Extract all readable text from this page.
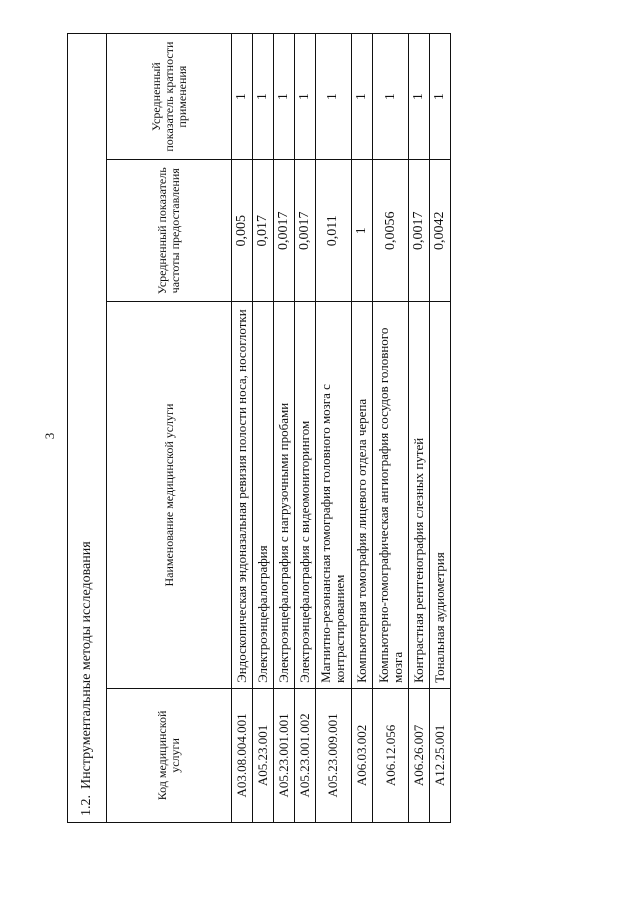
3
1.2.Инструментальные методы исследования			
Код медицинской услуги	Наименование медицинской услуги	Усредненный показатель частоты предоставления	Усредненный показатель кратности применения
A03.08.004.001	Эндоскопическая эндоназальная ревизия полости носа, носоглотки	0,005	1
A05.23.001	Электроэнцефалография	0,017	1
A05.23.001.001	Электроэнцефалография с нагрузочными пробами	0,0017	1
A05.23.001.002	Электроэнцефалография с видеомониторингом	0,0017	1
A05.23.009.001	Магнитно-резонансная томография головного мозга с контрастированием	0,011	1
A06.03.002	Компьютерная томография лицевого отдела черепа	1	1
A06.12.056	Компьютерно-томографическая ангиография сосудов головного мозга	0,0056	1
A06.26.007	Контрастная рентгенография слезных путей	0,0017	1
A12.25.001	Тональная аудиометрия	0,0042	1
